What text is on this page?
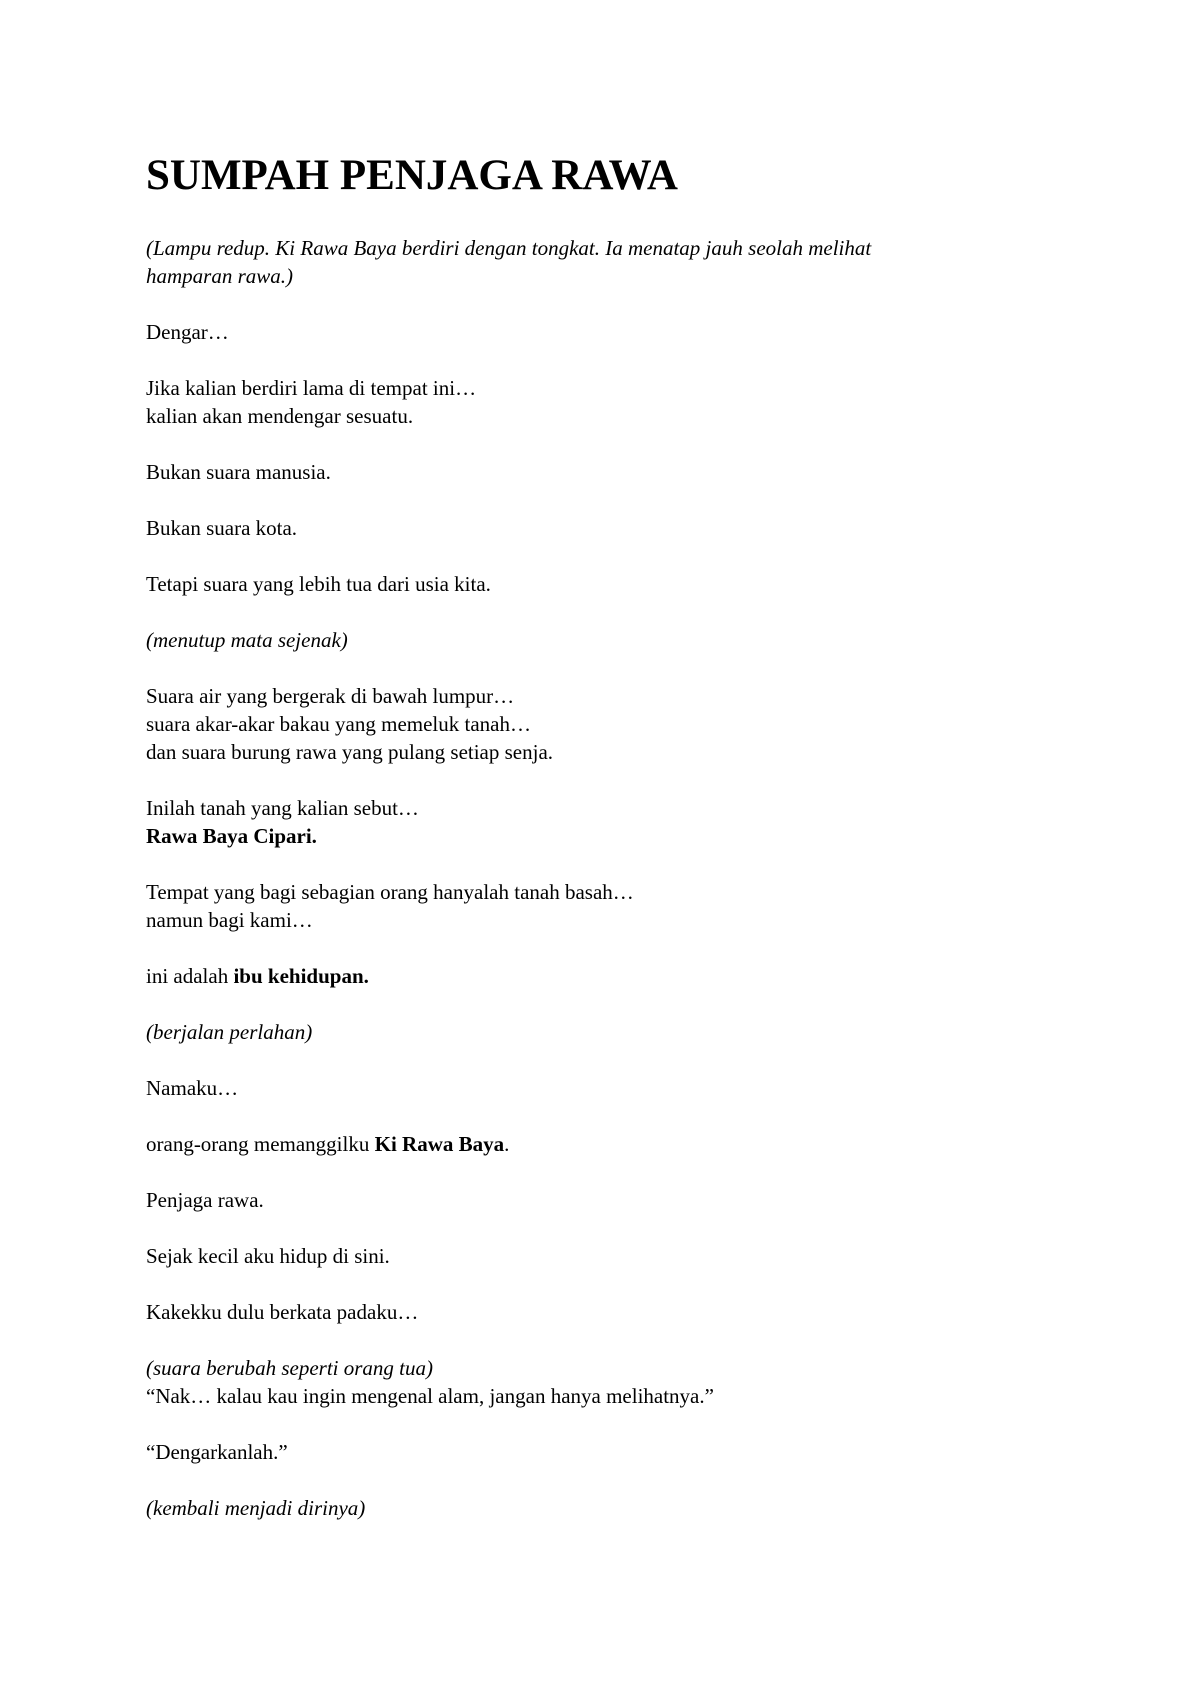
SUMPAH PENJAGA RAWA
(Lampu redup. Ki Rawa Baya berdiri dengan tongkat. Ia menatap jauh seolah melihat
hamparan rawa.)
Dengar…
Jika kalian berdiri lama di tempat ini…
kalian akan mendengar sesuatu.
Bukan suara manusia.
Bukan suara kota.
Tetapi suara yang lebih tua dari usia kita.
(menutup mata sejenak)
Suara air yang bergerak di bawah lumpur…
suara akar-akar bakau yang memeluk tanah…
dan suara burung rawa yang pulang setiap senja.
Inilah tanah yang kalian sebut…
Rawa Baya Cipari.
Tempat yang bagi sebagian orang hanyalah tanah basah…
namun bagi kami…
ini adalah ibu kehidupan.
(berjalan perlahan)
Namaku…
orang-orang memanggilku Ki Rawa Baya.
Penjaga rawa.
Sejak kecil aku hidup di sini.
Kakekku dulu berkata padaku…
(suara berubah seperti orang tua)
“Nak… kalau kau ingin mengenal alam, jangan hanya melihatnya.”
“Dengarkanlah.”
(kembali menjadi dirinya)
